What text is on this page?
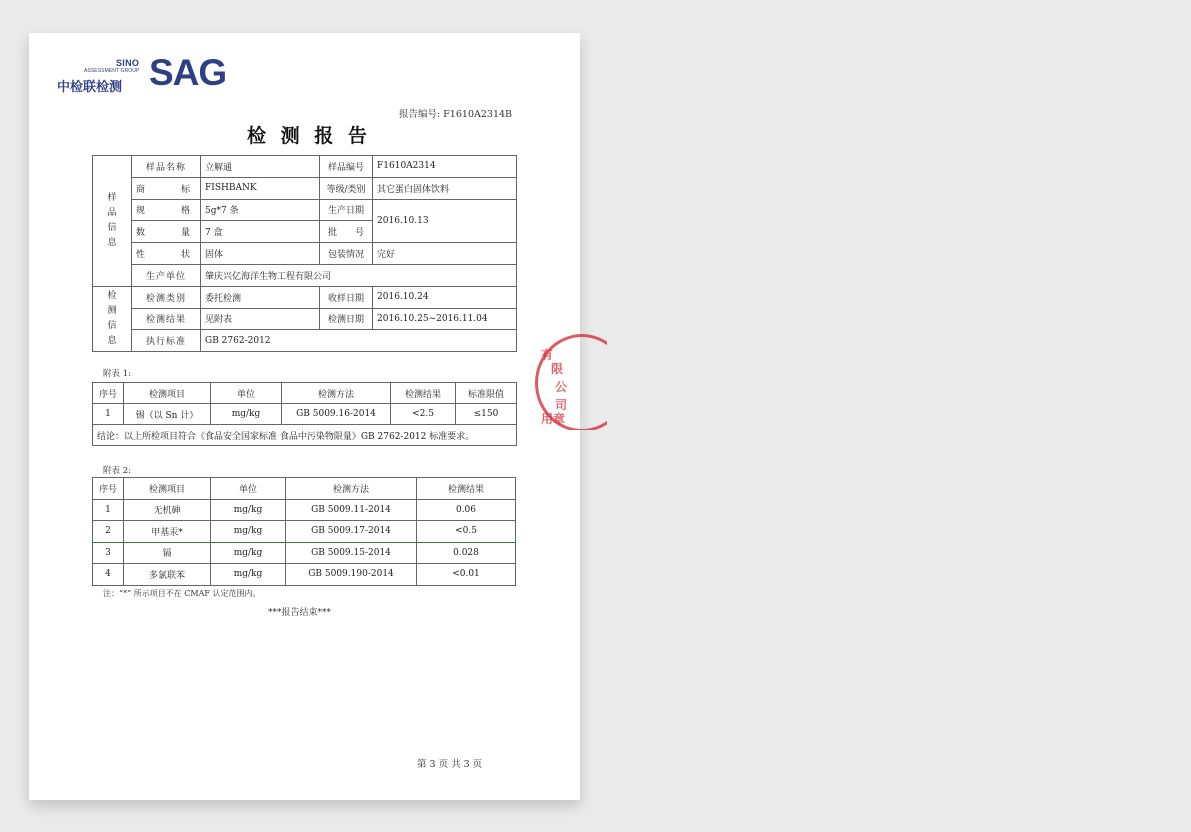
SINO
ASSESSMENT GROUP
中检联检测 SAG
报告编号: F1610A2314B
检 测 报 告
样
品
信
息	样品名称	立解通	样品编号	F1610A2314
	商　　标	FISHBANK	等级/类别	其它蛋白固体饮料
	规　　格	5g*7 条	生产日期	2016.10.13
	数　　量	7 盒	批　　号	
	性　　状	固体	包装情况	完好
	生产单位	肇庆兴亿海洋生物工程有限公司		
检
测
信
息	检测类别	委托检测	收样日期	2016.10.24
	检测结果	见附表	检测日期	2016.10.25~2016.11.04
	执行标准	GB 2762-2012		
附表 1:
序号	检测项目	单位	检测方法	检测结果	标准限值
1	锡（以 Sn 计）	mg/kg	GB 5009.16-2014	<2.5	≤150
结论：以上所检项目符合《食品安全国家标准 食品中污染物限量》GB 2762-2012 标准要求。					
附表 2:
序号	检测项目	单位	检测方法	检测结果
1	无机砷	mg/kg	GB 5009.11-2014	0.06
2	甲基汞*	mg/kg	GB 5009.17-2014	<0.5
3	镉	mg/kg	GB 5009.15-2014	0.028
4	多氯联苯	mg/kg	GB 5009.190-2014	<0.01
注：“*” 所示项目不在 CMAF 认定范围内。
***报告结束***
第 3 页 共 3 页
有
限
公
司
用章
